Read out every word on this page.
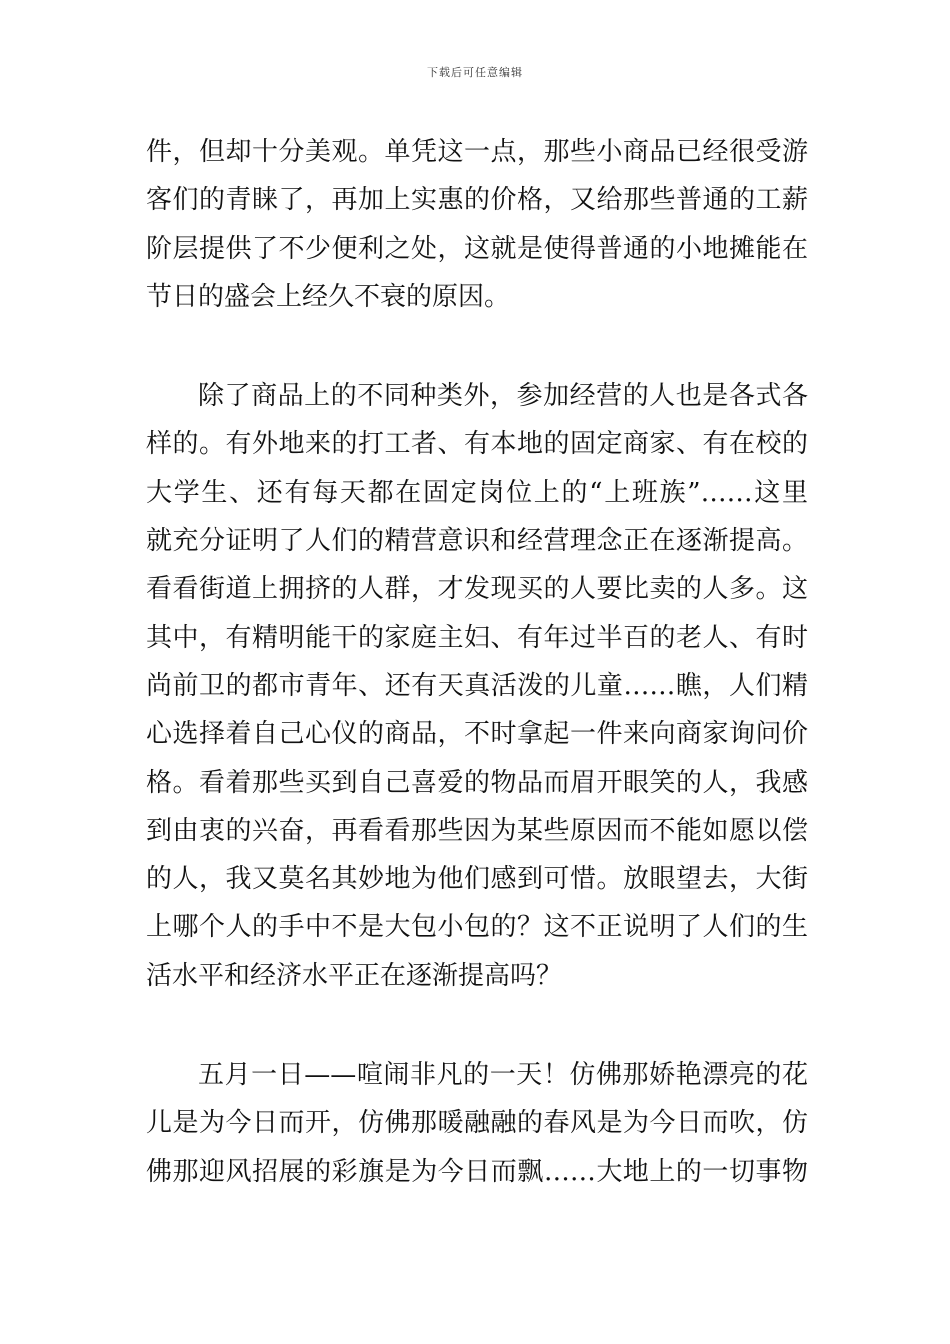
下载后可任意编辑
件，但却十分美观。单凭这一点，那些小商品已经很受游
客们的青睐了，再加上实惠的价格，又给那些普通的工薪
阶层提供了不少便利之处，这就是使得普通的小地摊能在
节日的盛会上经久不衰的原因。
除了商品上的不同种类外，参加经营的人也是各式各
样的。有外地来的打工者、有本地的固定商家、有在校的
大学生、还有每天都在固定岗位上的“上班族”……这里
就充分证明了人们的精营意识和经营理念正在逐渐提高。
看看街道上拥挤的人群，才发现买的人要比卖的人多。这
其中，有精明能干的家庭主妇、有年过半百的老人、有时
尚前卫的都市青年、还有天真活泼的儿童……瞧，人们精
心选择着自己心仪的商品，不时拿起一件来向商家询问价
格。看着那些买到自己喜爱的物品而眉开眼笑的人，我感
到由衷的兴奋，再看看那些因为某些原因而不能如愿以偿
的人，我又莫名其妙地为他们感到可惜。放眼望去，大街
上哪个人的手中不是大包小包的？这不正说明了人们的生
活水平和经济水平正在逐渐提高吗？
五月一日——喧闹非凡的一天！仿佛那娇艳漂亮的花
儿是为今日而开，仿佛那暖融融的春风是为今日而吹，仿
佛那迎风招展的彩旗是为今日而飘……大地上的一切事物
